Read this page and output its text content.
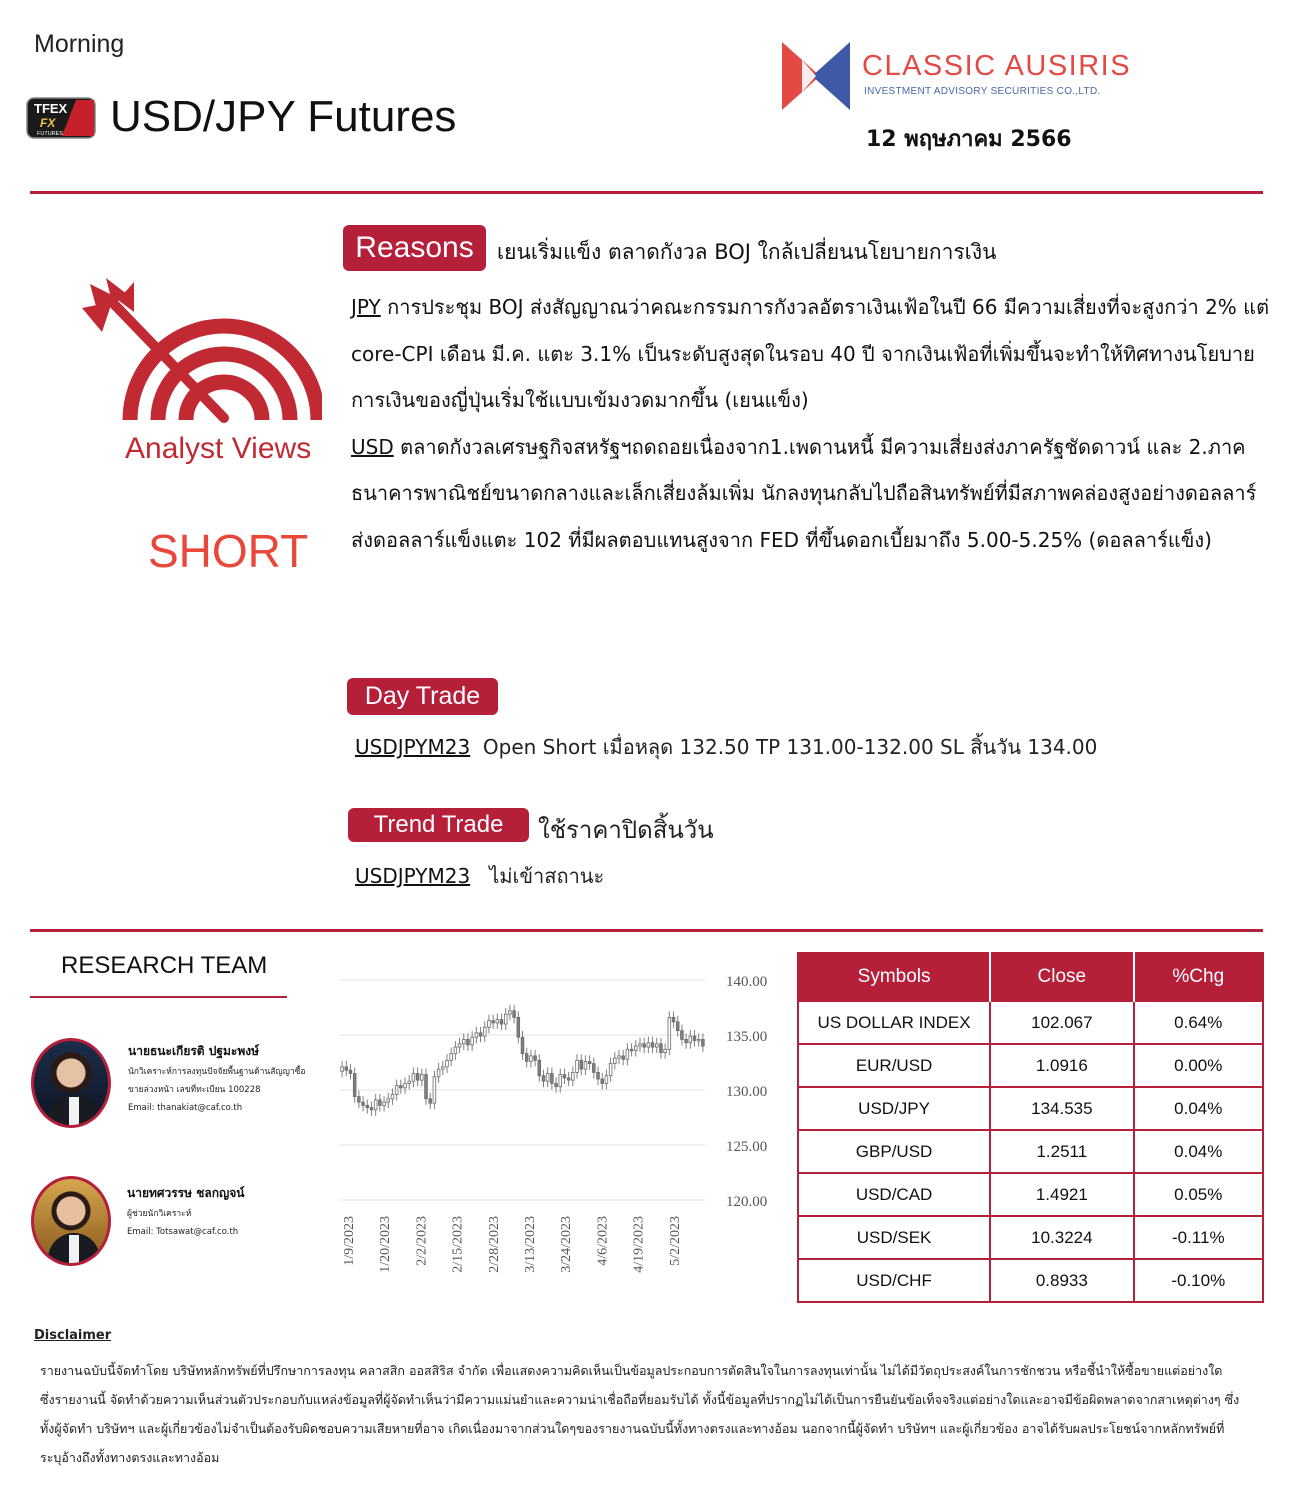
Morning
TFEX
FX
FUTURES USD/JPY Futures
CLASSIC AUSIRIS
INVESTMENT ADVISORY SECURITIES CO.,LTD.
12 พฤษภาคม 2566
Analyst Views
SHORT
Reasons	เยนเริ่มแข็ง ตลาดกังวล BOJ ใกล้เปลี่ยนนโยบายการเงิน
JPY การประชุม BOJ ส่งสัญญาณว่าคณะกรรมการกังวลอัตราเงินเฟ้อในปี 66 มีความเสี่ยงที่จะสูงกว่า 2% แต่ core-CPI เดือน มี.ค. แตะ 3.1% เป็นระดับสูงสุดในรอบ 40 ปี จากเงินเฟ้อที่เพิ่มขึ้นจะทำให้ทิศทางนโยบายการเงินของญี่ปุ่นเริ่มใช้แบบเข้มงวดมากขึ้น (เยนแข็ง)
USD ตลาดกังวลเศรษฐกิจสหรัฐฯถดถอยเนื่องจาก1.เพดานหนี้ มีความเสี่ยงส่งภาครัฐชัดดาวน์ และ 2.ภาคธนาคารพาณิชย์ขนาดกลางและเล็กเสี่ยงล้มเพิ่ม นักลงทุนกลับไปถือสินทรัพย์ที่มีสภาพคล่องสูงอย่างดอลลาร์ ส่งดอลลาร์แข็งแตะ 102 ที่มีผลตอบแทนสูงจาก FED ที่ขึ้นดอกเบี้ยมาถึง 5.00-5.25% (ดอลลาร์แข็ง)
Day Trade
USDJPYM23 Open Short เมื่อหลุด 132.50 TP 131.00-132.00 SL สิ้นวัน 134.00
Trend Trade	ใช้ราคาปิดสิ้นวัน
USDJPYM23 ไม่เข้าสถานะ
RESEARCH TEAM
นายธนะเกียรติ ปฐมะพงษ์
นักวิเคราะห์การลงทุนปัจจัยพื้นฐานด้านสัญญาซื้อ
ขายล่วงหน้า เลขที่ทะเบียน 100228
Email: thanakiat@caf.co.th
นายทศวรรษ ชลกญจน์
ผู้ช่วยนักวิเคราะห์
Email: Totsawat@caf.co.th
140.00
135.00
130.00
125.00
120.00
1/9/2023 1/20/2023 2/2/2023 2/15/2023 2/28/2023 3/13/2023 3/24/2023 4/6/2023 4/19/2023 5/2/2023
Symbols	Close	%Chg
US DOLLAR INDEX	102.067	0.64%
EUR/USD	1.0916	0.00%
USD/JPY	134.535	0.04%
GBP/USD	1.2511	0.04%
USD/CAD	1.4921	0.05%
USD/SEK	10.3224	-0.11%
USD/CHF	0.8933	-0.10%
Disclaimer
รายงานฉบับนี้จัดทำโดย บริษัทหลักทรัพย์ที่ปรึกษาการลงทุน คลาสสิก ออสสิริส จำกัด เพื่อแสดงความคิดเห็นเป็นข้อมูลประกอบการตัดสินใจในการลงทุนเท่านั้น ไม่ได้มีวัตถุประสงค์ในการชักชวน หรือชี้นำให้ซื้อขายแต่อย่างใด ซึ่งรายงานนี้ จัดทำด้วยความเห็นส่วนตัวประกอบกับแหล่งข้อมูลที่ผู้จัดทำเห็นว่ามีความแม่นยำและความน่าเชื่อถือที่ยอมรับได้ ทั้งนี้ข้อมูลที่ปรากฏไม่ได้เป็นการยืนยันข้อเท็จจริงแต่อย่างใดและอาจมีข้อผิดพลาดจากสาเหตุต่างๆ ซึ่งทั้งผู้จัดทำ บริษัทฯ และผู้เกี่ยวข้องไม่จำเป็นต้องรับผิดชอบความเสียหายที่อาจ เกิดเนื่องมาจากส่วนใดๆของรายงานฉบับนี้ทั้งทางตรงและทางอ้อม นอกจากนี้ผู้จัดทำ บริษัทฯ และผู้เกี่ยวข้อง อาจได้รับผลประโยชน์จากหลักทรัพย์ที่ระบุอ้างถึงทั้งทางตรงและทางอ้อม
